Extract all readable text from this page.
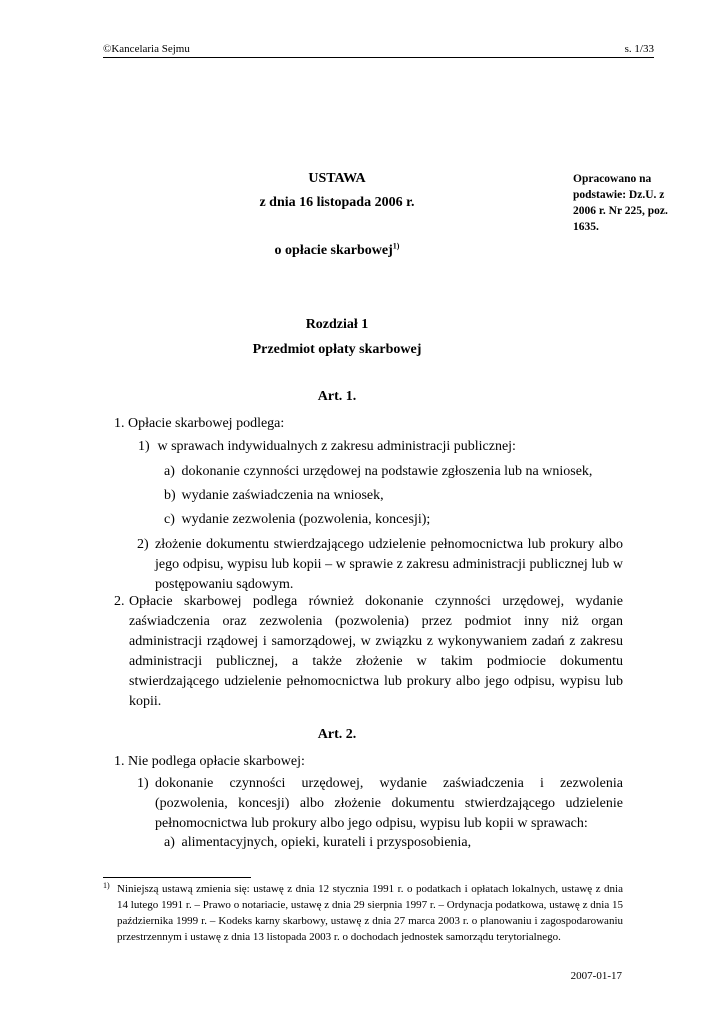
©Kancelaria Sejmu	s. 1/33
USTAWA
z dnia 16 listopada 2006 r.
o opłacie skarbowej$^{1)}$
Opracowano na podstawie: Dz.U. z 2006 r. Nr 225, poz. 1635.
Rozdział 1
Przedmiot opłaty skarbowej
Art. 1.
1. Opłacie skarbowej podlega:
1) w sprawach indywidualnych z zakresu administracji publicznej:
a) dokonanie czynności urzędowej na podstawie zgłoszenia lub na wniosek,
b) wydanie zaświadczenia na wniosek,
c) wydanie zezwolenia (pozwolenia, koncesji);
2) złożenie dokumentu stwierdzającego udzielenie pełnomocnictwa lub prokury albo jego odpisu, wypisu lub kopii – w sprawie z zakresu administracji publicznej lub w postępowaniu sądowym.
2. Opłacie skarbowej podlega również dokonanie czynności urzędowej, wydanie zaświadczenia oraz zezwolenia (pozwolenia) przez podmiot inny niż organ administracji rządowej i samorządowej, w związku z wykonywaniem zadań z zakresu administracji publicznej, a także złożenie w takim podmiocie dokumentu stwierdzającego udzielenie pełnomocnictwa lub prokury albo jego odpisu, wypisu lub kopii.
Art. 2.
1. Nie podlega opłacie skarbowej:
1) dokonanie czynności urzędowej, wydanie zaświadczenia i zezwolenia (pozwolenia, koncesji) albo złożenie dokumentu stwierdzającego udzielenie pełnomocnictwa lub prokury albo jego odpisu, wypisu lub kopii w sprawach:
a) alimentacyjnych, opieki, kurateli i przysposobienia,
1) Niniejszą ustawą zmienia się: ustawę z dnia 12 stycznia 1991 r. o podatkach i opłatach lokalnych, ustawę z dnia 14 lutego 1991 r. – Prawo o notariacie, ustawę z dnia 29 sierpnia 1997 r. – Ordynacja podatkowa, ustawę z dnia 15 października 1999 r. – Kodeks karny skarbowy, ustawę z dnia 27 marca 2003 r. o planowaniu i zagospodarowaniu przestrzennym i ustawę z dnia 13 listopada 2003 r. o dochodach jednostek samorządu terytorialnego.
2007-01-17
